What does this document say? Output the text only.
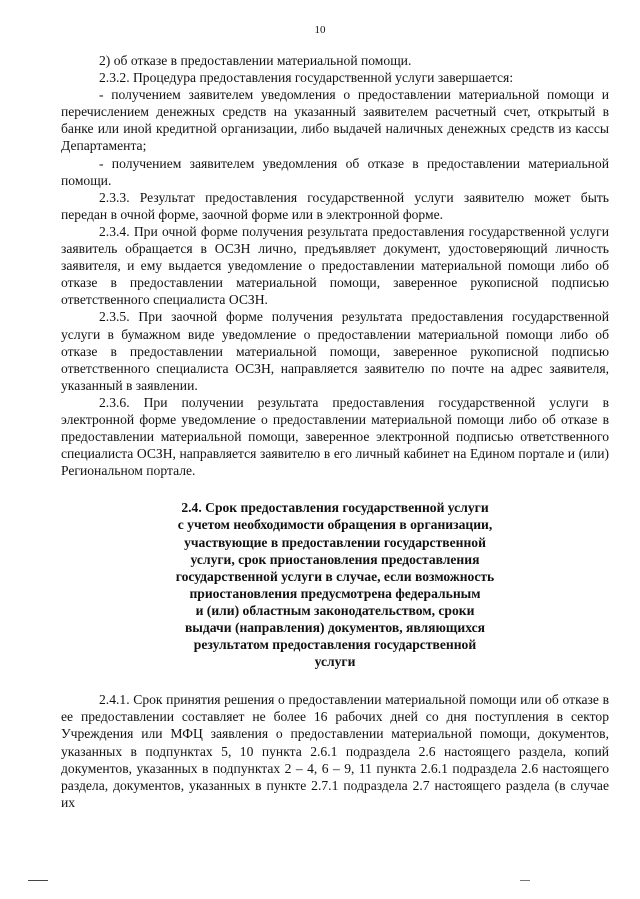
10

2) об отказе в предоставлении материальной помощи.

2.3.2. Процедура предоставления государственной услуги завершается:

- получением заявителем уведомления о предоставлении материальной помощи и перечислением денежных средств на указанный заявителем расчетный счет, открытый в банке или иной кредитной организации, либо выдачей наличных денежных средств из кассы Департамента;

- получением заявителем уведомления об отказе в предоставлении материальной помощи.

2.3.3. Результат предоставления государственной услуги заявителю может быть передан в очной форме, заочной форме или в электронной форме.

2.3.4. При очной форме получения результата предоставления государственной услуги заявитель обращается в ОСЗН лично, предъявляет документ, удостоверяющий личность заявителя, и ему выдается уведомление о предоставлении материальной помощи либо об отказе в предоставлении материальной помощи, заверенное рукописной подписью ответственного специалиста ОСЗН.

2.3.5. При заочной форме получения результата предоставления государственной услуги в бумажном виде уведомление о предоставлении материальной помощи либо об отказе в предоставлении материальной помощи, заверенное рукописной подписью ответственного специалиста ОСЗН, направляется заявителю по почте на адрес заявителя, указанный в заявлении.

2.3.6. При получении результата предоставления государственной услуги в электронной форме уведомление о предоставлении материальной помощи либо об отказе в предоставлении материальной помощи, заверенное электронной подписью ответственного специалиста ОСЗН, направляется заявителю в его личный кабинет на Едином портале и (или) Региональном портале.

2.4. Срок предоставления государственной услуги
с учетом необходимости обращения в организации,
участвующие в предоставлении государственной
услуги, срок приостановления предоставления
государственной услуги в случае, если возможность
приостановления предусмотрена федеральным
и (или) областным законодательством, сроки
выдачи (направления) документов, являющихся
результатом предоставления государственной
услуги

2.4.1. Срок принятия решения о предоставлении материальной помощи или об отказе в ее предоставлении составляет не более 16 рабочих дней со дня поступления в сектор Учреждения или МФЦ заявления о предоставлении материальной помощи, документов, указанных в подпунктах 5, 10 пункта 2.6.1 подраздела 2.6 настоящего раздела, копий документов, указанных в подпунктах 2 – 4, 6 – 9, 11 пункта 2.6.1 подраздела 2.6 настоящего раздела, документов, указанных в пункте 2.7.1 подраздела 2.7 настоящего раздела (в случае их
